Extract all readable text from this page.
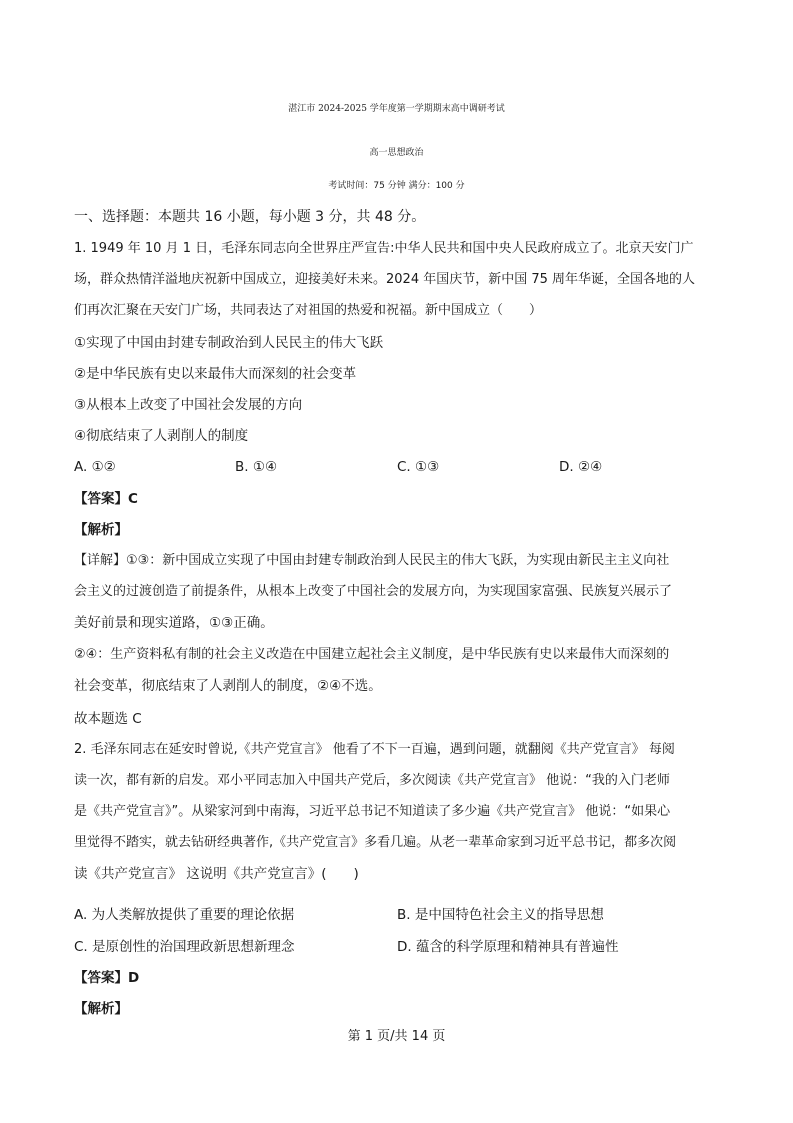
湛江市 2024-2025 学年度第一学期期末高中调研考试
高一思想政治
考试时间：75 分钟 满分：100 分
一、选择题：本题共 16 小题，每小题 3 分，共 48 分。
1. 1949 年 10 月 1 日，毛泽东同志向全世界庄严宣告:中华人民共和国中央人民政府成立了。北京天安门广
场，群众热情洋溢地庆祝新中国成立，迎接美好未来。2024 年国庆节，新中国 75 周年华诞，全国各地的人
们再次汇聚在天安门广场，共同表达了对祖国的热爱和祝福。新中国成立（　　）
①实现了中国由封建专制政治到人民民主的伟大飞跃
②是中华民族有史以来最伟大而深刻的社会变革
③从根本上改变了中国社会发展的方向
④彻底结束了人剥削人的制度
A. ①②	B. ①④	C. ①③	D. ②④
【答案】C
【解析】
【详解】①③：新中国成立实现了中国由封建专制政治到人民民主的伟大飞跃，为实现由新民主主义向社
会主义的过渡创造了前提条件，从根本上改变了中国社会的发展方向，为实现国家富强、民族复兴展示了
美好前景和现实道路，①③正确。
②④：生产资料私有制的社会主义改造在中国建立起社会主义制度，是中华民族有史以来最伟大而深刻的
社会变革，彻底结束了人剥削人的制度，②④不选。
故本题选 C
2. 毛泽东同志在延安时曾说,《共产党宣言》 他看了不下一百遍，遇到问题，就翻阅《共产党宣言》 每阅
读一次，都有新的启发。邓小平同志加入中国共产党后，多次阅读《共产党宣言》 他说：“我的入门老师
是《共产党宣言》”。从梁家河到中南海，习近平总书记不知道读了多少遍《共产党宣言》 他说：“如果心
里觉得不踏实，就去钻研经典著作,《共产党宣言》多看几遍。从老一辈革命家到习近平总书记，都多次阅
读《共产党宣言》 这说明《共产党宣言》(　　)
A. 为人类解放提供了重要的理论依据	B. 是中国特色社会主义的指导思想
C. 是原创性的治国理政新思想新理念	D. 蕴含的科学原理和精神具有普遍性
【答案】D
【解析】
第 1 页/共 14 页
